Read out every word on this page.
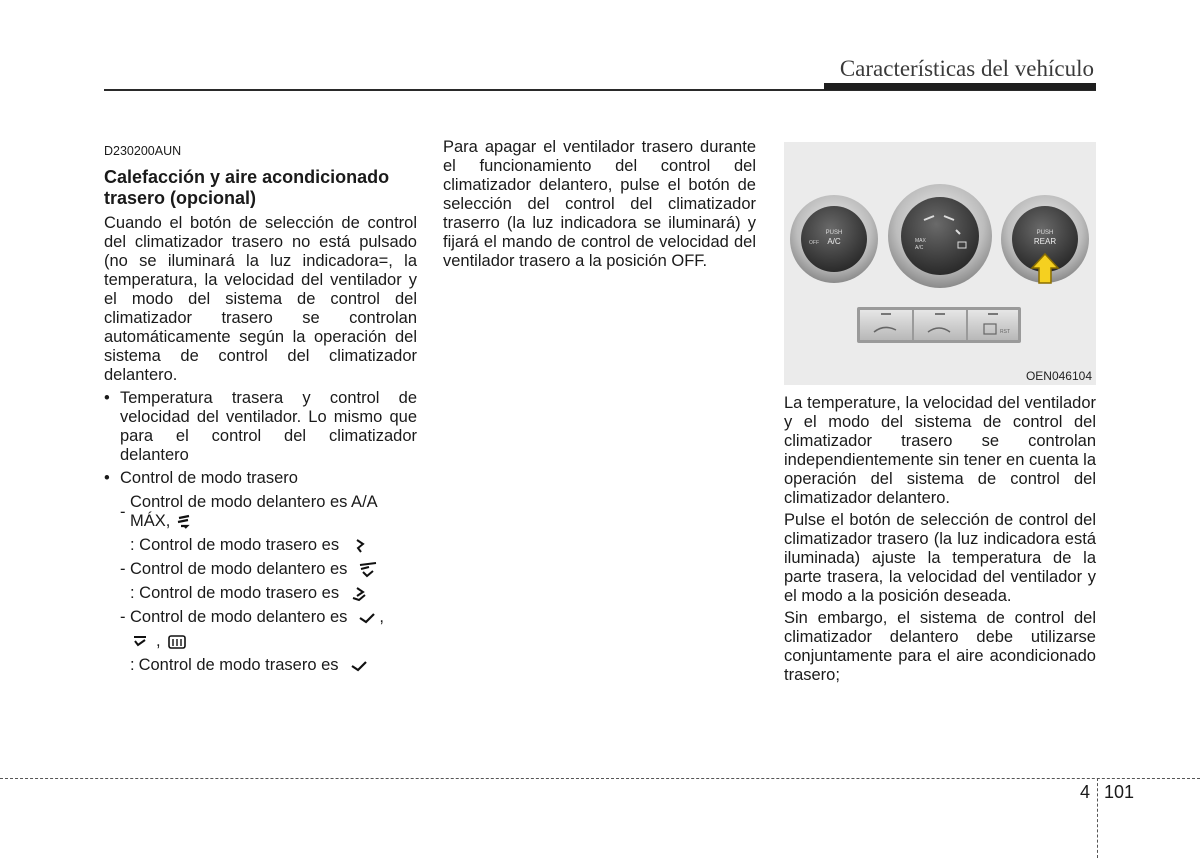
Características del vehículo

D230200AUN

Calefacción y aire acondicionado trasero (opcional)

Cuando el botón de selección de control del climatizador trasero no está pulsado (no se iluminará la luz indicadora=, la temperatura, la velocidad del ventilador y el modo del sistema de control del climatizador trasero se controlan automáticamente según la operación del sistema de control del climatizador delantero.

• Temperatura trasera y control de velocidad del ventilador. Lo mismo que para el control del climatizador delantero
• Control de modo trasero
-
Control de modo delantero es A/A MÁX,
: Control de modo trasero es
- Control de modo delantero es
: Control de modo trasero es
- Control de modo delantero es ,
,
: Control de modo trasero es

Para apagar el ventilador trasero durante el funcionamiento del control del climatizador delantero, pulse el botón de selección del control del climatizador traserro (la luz indicadora se iluminará) y fijará el mando de control de velocidad del ventilador trasero a la posición OFF.

PUSH
A/C
OFF	MAX
A/C
PUSH
REAR
RST
OEN046104

La temperature, la velocidad del ventilador y el modo del sistema de control del climatizador trasero se controlan independientemente sin tener en cuenta la operación del sistema de control del climatizador delantero.

Pulse el botón de selección de control del climatizador trasero (la luz indicadora está iluminada) ajuste la temperatura de la parte trasera, la velocidad del ventilador y el modo a la posición deseada.

Sin embargo, el sistema de control del climatizador delantero debe utilizarse conjuntamente para el aire acondicionado trasero;

4 101
